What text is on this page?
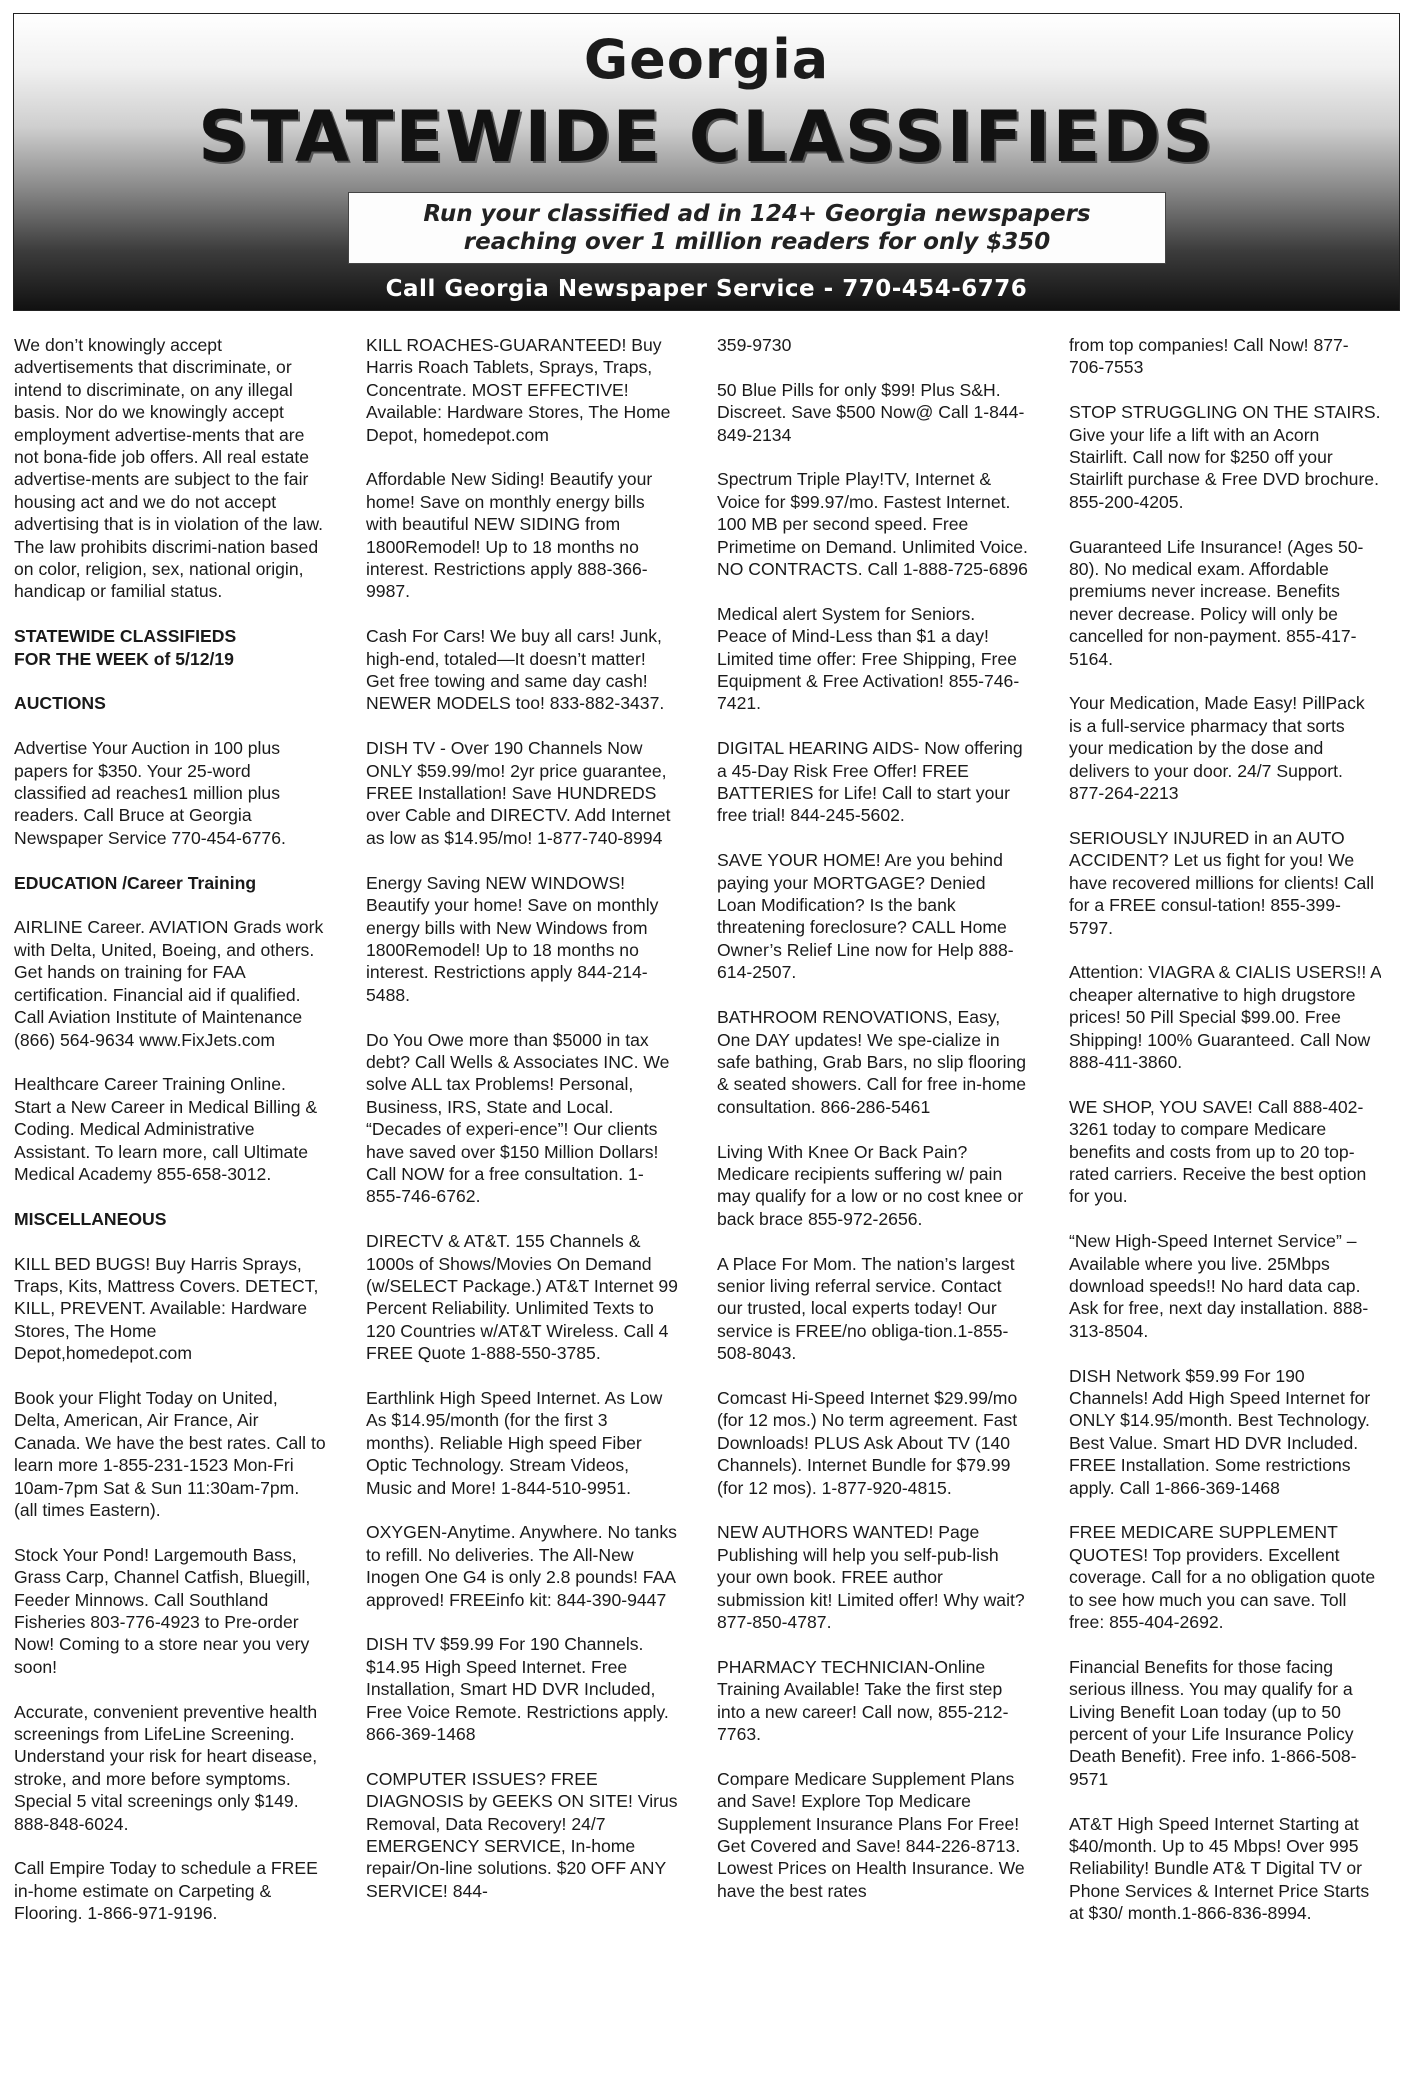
Georgia
STATEWIDE CLASSIFIEDS
Run your classified ad in 124+ Georgia newspapers
reaching over 1 million readers for only $350
Call Georgia Newspaper Service - 770-454-6776

We don’t knowingly accept advertisements that discriminate, or intend to discriminate, on any illegal basis. Nor do we knowingly accept employment advertise-ments that are not bona-fide job offers. All real estate advertise-ments are subject to the fair housing act and we do not accept advertising that is in violation of the law. The law prohibits discrimi-nation based on color, religion, sex, national origin, handicap or familial status.

STATEWIDE CLASSIFIEDS
FOR THE WEEK of 5/12/19

AUCTIONS

Advertise Your Auction in 100 plus papers for $350. Your 25-word classified ad reaches1 million plus readers. Call Bruce at Georgia Newspaper Service 770-454-6776.

EDUCATION /Career Training

AIRLINE Career. AVIATION Grads work with Delta, United, Boeing, and others. Get hands on training for FAA certification. Financial aid if qualified. Call Aviation Institute of Maintenance (866) 564-9634 www.FixJets.com

Healthcare Career Training Online. Start a New Career in Medical Billing & Coding. Medical Administrative Assistant. To learn more, call Ultimate Medical Academy 855-658-3012.

MISCELLANEOUS

KILL BED BUGS! Buy Harris Sprays, Traps, Kits, Mattress Covers. DETECT, KILL, PREVENT. Available: Hardware Stores, The Home Depot,homedepot.com

Book your Flight Today on United, Delta, American, Air France, Air Canada. We have the best rates. Call to learn more 1-855-231-1523 Mon-Fri 10am-7pm Sat & Sun 11:30am-7pm. (all times Eastern).

Stock Your Pond! Largemouth Bass, Grass Carp, Channel Catfish, Bluegill, Feeder Minnows. Call Southland Fisheries 803-776-4923 to Pre-order Now! Coming to a store near you very soon!

Accurate, convenient preventive health screenings from LifeLine Screening. Understand your risk for heart disease, stroke, and more before symptoms. Special 5 vital screenings only $149. 888-848-6024.

Call Empire Today to schedule a FREE in-home estimate on Carpeting & Flooring. 1-866-971-9196.

KILL ROACHES-GUARANTEED! Buy Harris Roach Tablets, Sprays, Traps, Concentrate. MOST EFFECTIVE! Available: Hardware Stores, The Home Depot, homedepot.com

Affordable New Siding! Beautify your home! Save on monthly energy bills with beautiful NEW SIDING from 1800Remodel! Up to 18 months no interest. Restrictions apply 888-366-9987.

Cash For Cars! We buy all cars! Junk, high-end, totaled—It doesn’t matter! Get free towing and same day cash! NEWER MODELS too! 833-882-3437.

DISH TV - Over 190 Channels Now ONLY $59.99/mo! 2yr price guarantee, FREE Installation! Save HUNDREDS over Cable and DIRECTV. Add Internet as low as $14.95/mo! 1-877-740-8994

Energy Saving NEW WINDOWS! Beautify your home! Save on monthly energy bills with New Windows from 1800Remodel! Up to 18 months no interest. Restrictions apply 844-214-5488.

Do You Owe more than $5000 in tax debt? Call Wells & Associates INC. We solve ALL tax Problems! Personal, Business, IRS, State and Local. “Decades of experi-ence”! Our clients have saved over $150 Million Dollars! Call NOW for a free consultation. 1-855-746-6762.

DIRECTV & AT&T. 155 Channels & 1000s of Shows/Movies On Demand (w/SELECT Package.) AT&T Internet 99 Percent Reliability. Unlimited Texts to 120 Countries w/AT&T Wireless. Call 4 FREE Quote 1-888-550-3785.

Earthlink High Speed Internet. As Low As $14.95/month (for the first 3 months). Reliable High speed Fiber Optic Technology. Stream Videos, Music and More! 1-844-510-9951.

OXYGEN-Anytime. Anywhere. No tanks to refill. No deliveries. The All-New Inogen One G4 is only 2.8 pounds! FAA approved! FREEinfo kit: 844-390-9447

DISH TV $59.99 For 190 Channels. $14.95 High Speed Internet. Free Installation, Smart HD DVR Included, Free Voice Remote. Restrictions apply. 866-369-1468

COMPUTER ISSUES? FREE DIAGNOSIS by GEEKS ON SITE! Virus Removal, Data Recovery! 24/7 EMERGENCY SERVICE, In-home repair/On-line solutions. $20 OFF ANY SERVICE! 844-

359-9730

50 Blue Pills for only $99! Plus S&H. Discreet. Save $500 Now@ Call 1-844-849-2134

Spectrum Triple Play!TV, Internet & Voice for $99.97/mo. Fastest Internet. 100 MB per second speed. Free Primetime on Demand. Unlimited Voice. NO CONTRACTS. Call 1-888-725-6896

Medical alert System for Seniors. Peace of Mind-Less than $1 a day! Limited time offer: Free Shipping, Free Equipment & Free Activation! 855-746-7421.

DIGITAL HEARING AIDS- Now offering a 45-Day Risk Free Offer! FREE BATTERIES for Life! Call to start your free trial! 844-245-5602.

SAVE YOUR HOME! Are you behind paying your MORTGAGE? Denied Loan Modification? Is the bank threatening foreclosure? CALL Home Owner’s Relief Line now for Help 888-614-2507.

BATHROOM RENOVATIONS, Easy, One DAY updates! We spe-cialize in safe bathing, Grab Bars, no slip flooring & seated showers. Call for free in-home consultation. 866-286-5461

Living With Knee Or Back Pain? Medicare recipients suffering w/ pain may qualify for a low or no cost knee or back brace 855-972-2656.

A Place For Mom. The nation’s largest senior living referral service. Contact our trusted, local experts today! Our service is FREE/no obliga-tion.1-855-508-8043.

Comcast Hi-Speed Internet $29.99/mo (for 12 mos.) No term agreement. Fast Downloads! PLUS Ask About TV (140 Channels). Internet Bundle for $79.99 (for 12 mos). 1-877-920-4815.

NEW AUTHORS WANTED! Page Publishing will help you self-pub-lish your own book. FREE author submission kit! Limited offer! Why wait? 877-850-4787.

PHARMACY TECHNICIAN-Online Training Available! Take the first step into a new career! Call now, 855-212-7763.

Compare Medicare Supplement Plans and Save! Explore Top Medicare Supplement Insurance Plans For Free! Get Covered and Save! 844-226-8713. Lowest Prices on Health Insurance. We have the best rates

from top companies! Call Now! 877-706-7553

STOP STRUGGLING ON THE STAIRS. Give your life a lift with an Acorn Stairlift. Call now for $250 off your Stairlift purchase & Free DVD brochure. 855-200-4205.

Guaranteed Life Insurance! (Ages 50-80). No medical exam. Affordable premiums never increase. Benefits never decrease. Policy will only be cancelled for non-payment. 855-417-5164.

Your Medication, Made Easy! PillPack is a full-service pharmacy that sorts your medication by the dose and delivers to your door. 24/7 Support. 877-264-2213

SERIOUSLY INJURED in an AUTO ACCIDENT? Let us fight for you! We have recovered millions for clients! Call for a FREE consul-tation! 855-399-5797.

Attention: VIAGRA & CIALIS USERS!! A cheaper alternative to high drugstore prices! 50 Pill Special $99.00. Free Shipping! 100% Guaranteed. Call Now 888-411-3860.

WE SHOP, YOU SAVE! Call 888-402-3261 today to compare Medicare benefits and costs from up to 20 top-rated carriers. Receive the best option for you.

“New High-Speed Internet Service” –Available where you live. 25Mbps download speeds!! No hard data cap. Ask for free, next day installation. 888-313-8504.

DISH Network $59.99 For 190 Channels! Add High Speed Internet for ONLY $14.95/month. Best Technology. Best Value. Smart HD DVR Included. FREE Installation. Some restrictions apply. Call 1-866-369-1468

FREE MEDICARE SUPPLEMENT QUOTES! Top providers. Excellent coverage. Call for a no obligation quote to see how much you can save. Toll free: 855-404-2692.

Financial Benefits for those facing serious illness. You may qualify for a Living Benefit Loan today (up to 50 percent of your Life Insurance Policy Death Benefit). Free info. 1-866-508-9571

AT&T High Speed Internet Starting at $40/month. Up to 45 Mbps! Over 995 Reliability! Bundle AT& T Digital TV or Phone Services & Internet Price Starts at $30/ month.1-866-836-8994.
